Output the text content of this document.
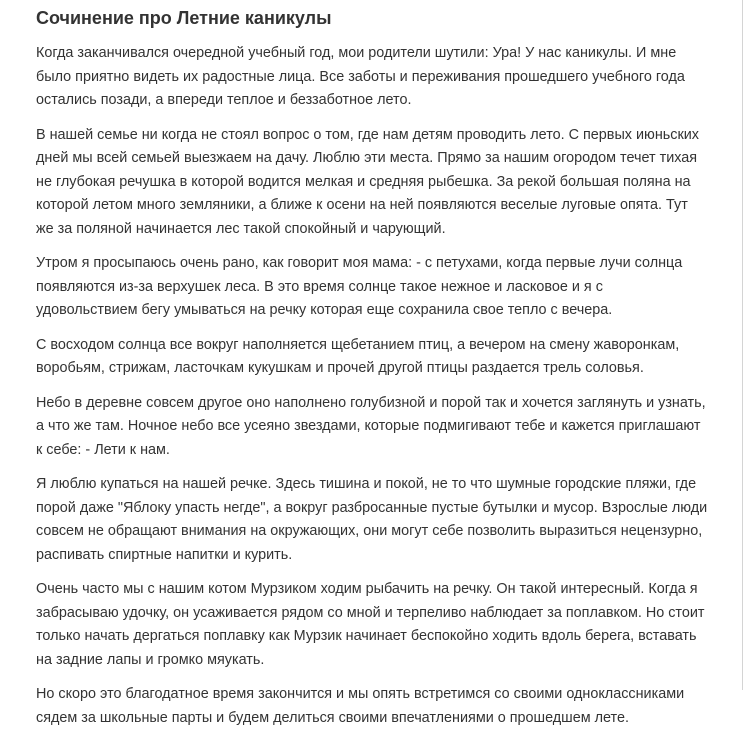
Сочинение про Летние каникулы

Когда заканчивался очередной учебный год, мои родители шутили: Ура! У нас каникулы. И мне было приятно видеть их радостные лица. Все заботы и переживания прошедшего учебного года остались позади, а впереди теплое и беззаботное лето.

В нашей семье ни когда не стоял вопрос о том, где нам детям проводить лето. С первых июньских дней мы всей семьей выезжаем на дачу. Люблю эти места. Прямо за нашим огородом течет тихая не глубокая речушка в которой водится мелкая и средняя рыбешка. За рекой большая поляна на которой летом много земляники, а ближе к осени на ней появляются веселые луговые опята. Тут же за поляной начинается лес такой спокойный и чарующий.

Утром я просыпаюсь очень рано, как говорит моя мама: - с петухами, когда первые лучи солнца появляются из-за верхушек леса. В это время солнце такое нежное и ласковое и я с удовольствием бегу умываться на речку которая еще сохранила свое тепло с вечера.

С восходом солнца все вокруг наполняется щебетанием птиц, а вечером на смену жаворонкам, воробьям, стрижам, ласточкам кукушкам и прочей другой птицы раздается трель соловья.

Небо в деревне совсем другое оно наполнено голубизной и порой так и хочется заглянуть и узнать, а что же там. Ночное небо все усеяно звездами, которые подмигивают тебе и кажется приглашают к себе: - Лети к нам.

Я люблю купаться на нашей речке. Здесь тишина и покой, не то что шумные городские пляжи, где порой даже "Яблоку упасть негде", а вокруг разбросанные пустые бутылки и мусор. Взрослые люди совсем не обращают внимания на окружающих, они могут себе позволить выразиться нецензурно, распивать спиртные напитки и курить.

Очень часто мы с нашим котом Мурзиком ходим рыбачить на речку. Он такой интересный. Когда я забрасываю удочку, он усаживается рядом со мной и терпеливо наблюдает за поплавком. Но стоит только начать дергаться поплавку как Мурзик начинает беспокойно ходить вдоль берега, вставать на задние лапы и громко мяукать.

Но скоро это благодатное время закончится и мы опять встретимся со своими одноклассниками сядем за школьные парты и будем делиться своими впечатлениями о прошедшем лете.
